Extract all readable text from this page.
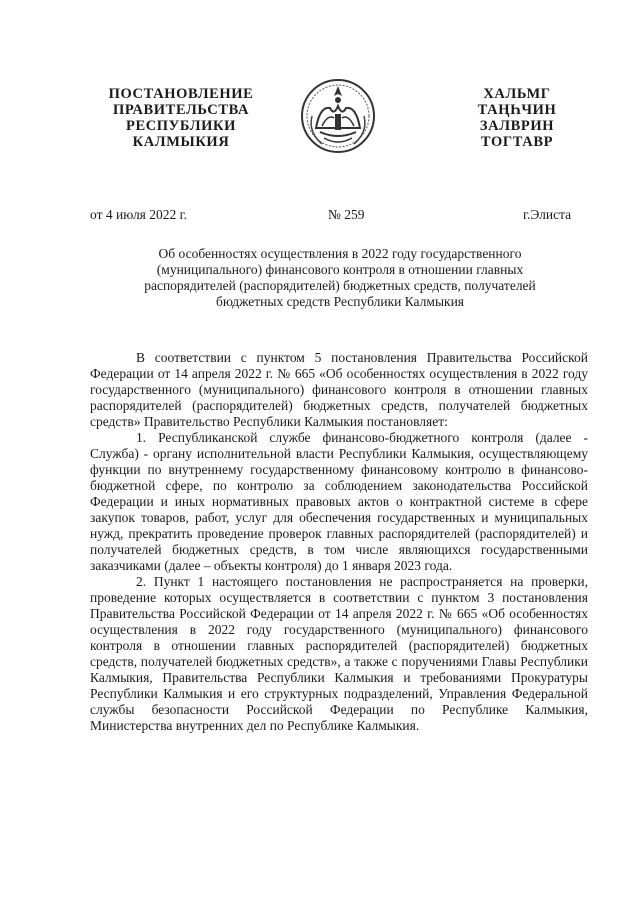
ПОСТАНОВЛЕНИЕ
ПРАВИТЕЛЬСТВА
РЕСПУБЛИКИ
КАЛМЫКИЯ
ХАЛЬМГ
ТАҢҺЧИН
ЗАЛВРИН
ТОГТАВР
от 4 июля 2022 г.	№ 259	г.Элиста
Об особенностях осуществления в 2022 году государственного
(муниципального) финансового контроля в отношении главных
распорядителей (распорядителей) бюджетных средств, получателей
бюджетных средств Республики Калмыкия

В соответствии с пунктом 5 постановления Правительства Российской Федерации от 14 апреля 2022 г. № 665 «Об особенностях осуществления в 2022 году государственного (муниципального) финансового контроля в отношении главных распорядителей (распорядителей) бюджетных средств, получателей бюджетных средств» Правительство Республики Калмыкия постановляет:

1. Республиканской службе финансово-бюджетного контроля (далее - Служба) - органу исполнительной власти Республики Калмыкия, осуществляющему функции по внутреннему государственному финансовому контролю в финансово-бюджетной сфере, по контролю за соблюдением законодательства Российской Федерации и иных нормативных правовых актов о контрактной системе в сфере закупок товаров, работ, услуг для обеспечения государственных и муниципальных нужд, прекратить проведение проверок главных распорядителей (распорядителей) и получателей бюджетных средств, в том числе являющихся государственными заказчиками (далее – объекты контроля) до 1 января 2023 года.

2. Пункт 1 настоящего постановления не распространяется на проверки, проведение которых осуществляется в соответствии с пунктом 3 постановления Правительства Российской Федерации от 14 апреля 2022 г. № 665 «Об особенностях осуществления в 2022 году государственного (муниципального) финансового контроля в отношении главных распорядителей (распорядителей) бюджетных средств, получателей бюджетных средств», а также с поручениями Главы Республики Калмыкия, Правительства Республики Калмыкия и требованиями Прокуратуры Республики Калмыкия и его структурных подразделений, Управления Федеральной службы безопасности Российской Федерации по Республике Калмыкия, Министерства внутренних дел по Республике Калмыкия.
